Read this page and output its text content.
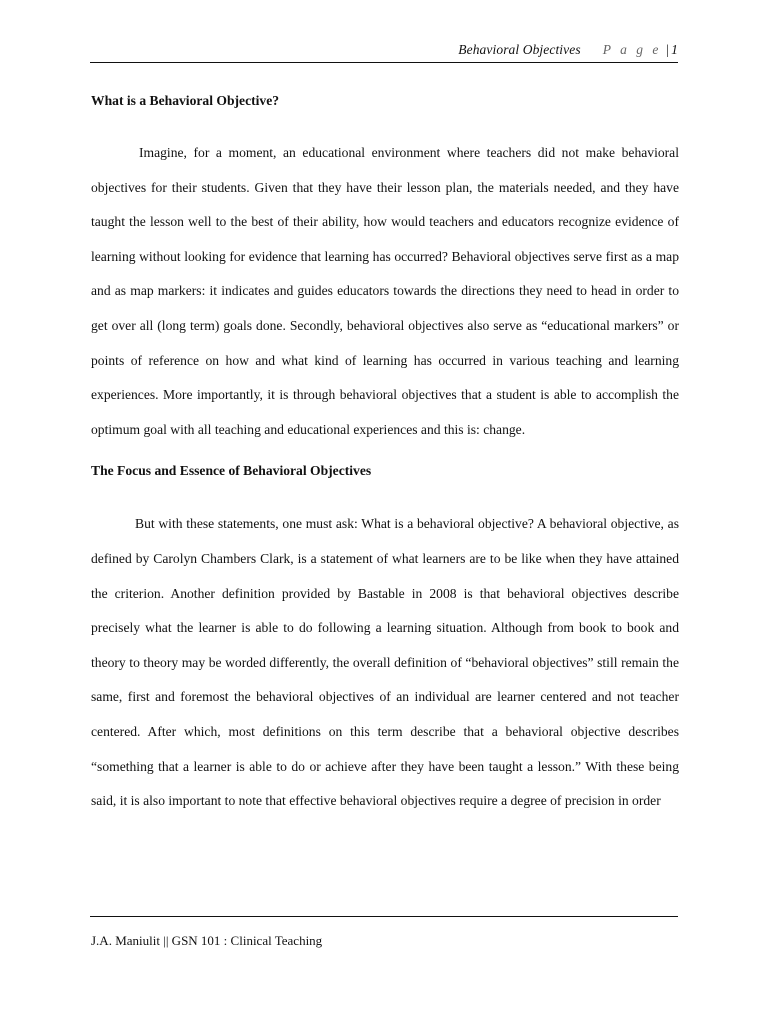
Behavioral Objectives P a g e | 1
What is a Behavioral Objective?

Imagine, for a moment, an educational environment where teachers did not make behavioral objectives for their students. Given that they have their lesson plan, the materials needed, and they have taught the lesson well to the best of their ability, how would teachers and educators recognize evidence of learning without looking for evidence that learning has occurred? Behavioral objectives serve first as a map and as map markers: it indicates and guides educators towards the directions they need to head in order to get over all (long term) goals done. Secondly, behavioral objectives also serve as “educational markers” or points of reference on how and what kind of learning has occurred in various teaching and learning experiences. More importantly, it is through behavioral objectives that a student is able to accomplish the optimum goal with all teaching and educational experiences and this is: change.

The Focus and Essence of Behavioral Objectives

But with these statements, one must ask: What is a behavioral objective? A behavioral objective, as defined by Carolyn Chambers Clark, is a statement of what learners are to be like when they have attained the criterion. Another definition provided by Bastable in 2008 is that behavioral objectives describe precisely what the learner is able to do following a learning situation. Although from book to book and theory to theory may be worded differently, the overall definition of “behavioral objectives” still remain the same, first and foremost the behavioral objectives of an individual are learner centered and not teacher centered. After which, most definitions on this term describe that a behavioral objective describes “something that a learner is able to do or achieve after they have been taught a lesson.” With these being said, it is also important to note that effective behavioral objectives require a degree of precision in order

J.A. Maniulit || GSN 101 : Clinical Teaching
